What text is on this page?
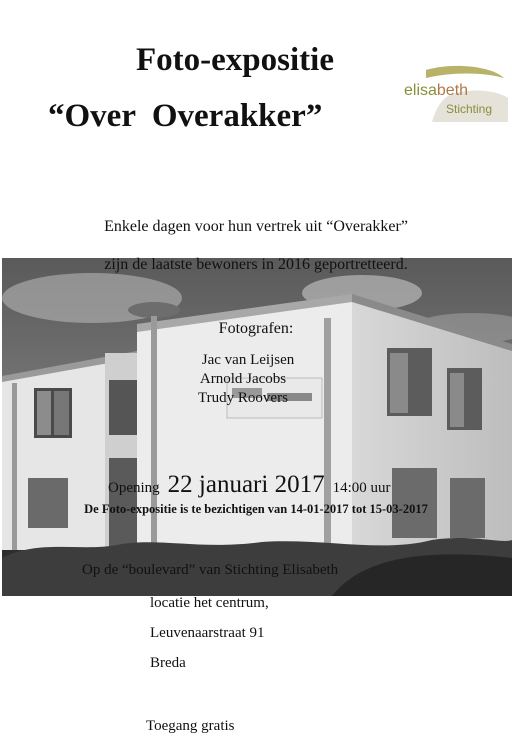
Foto-expositie
“Over  Overakker”
elisabeth
Stichting
Enkele dagen voor hun vertrek uit “Overakker”
zijn de laatste bewoners in 2016 geportretteerd.
Fotografen:
Jac van Leijsen
Arnold Jacobs
Trudy Roovers
Opening 22 januari 2017 14:00 uur
De Foto-expositie is te bezichtigen van 14-01-2017 tot 15-03-2017
Op de “boulevard” van Stichting Elisabeth
locatie het centrum,
Leuvenaarstraat 91
Breda
Toegang gratis
